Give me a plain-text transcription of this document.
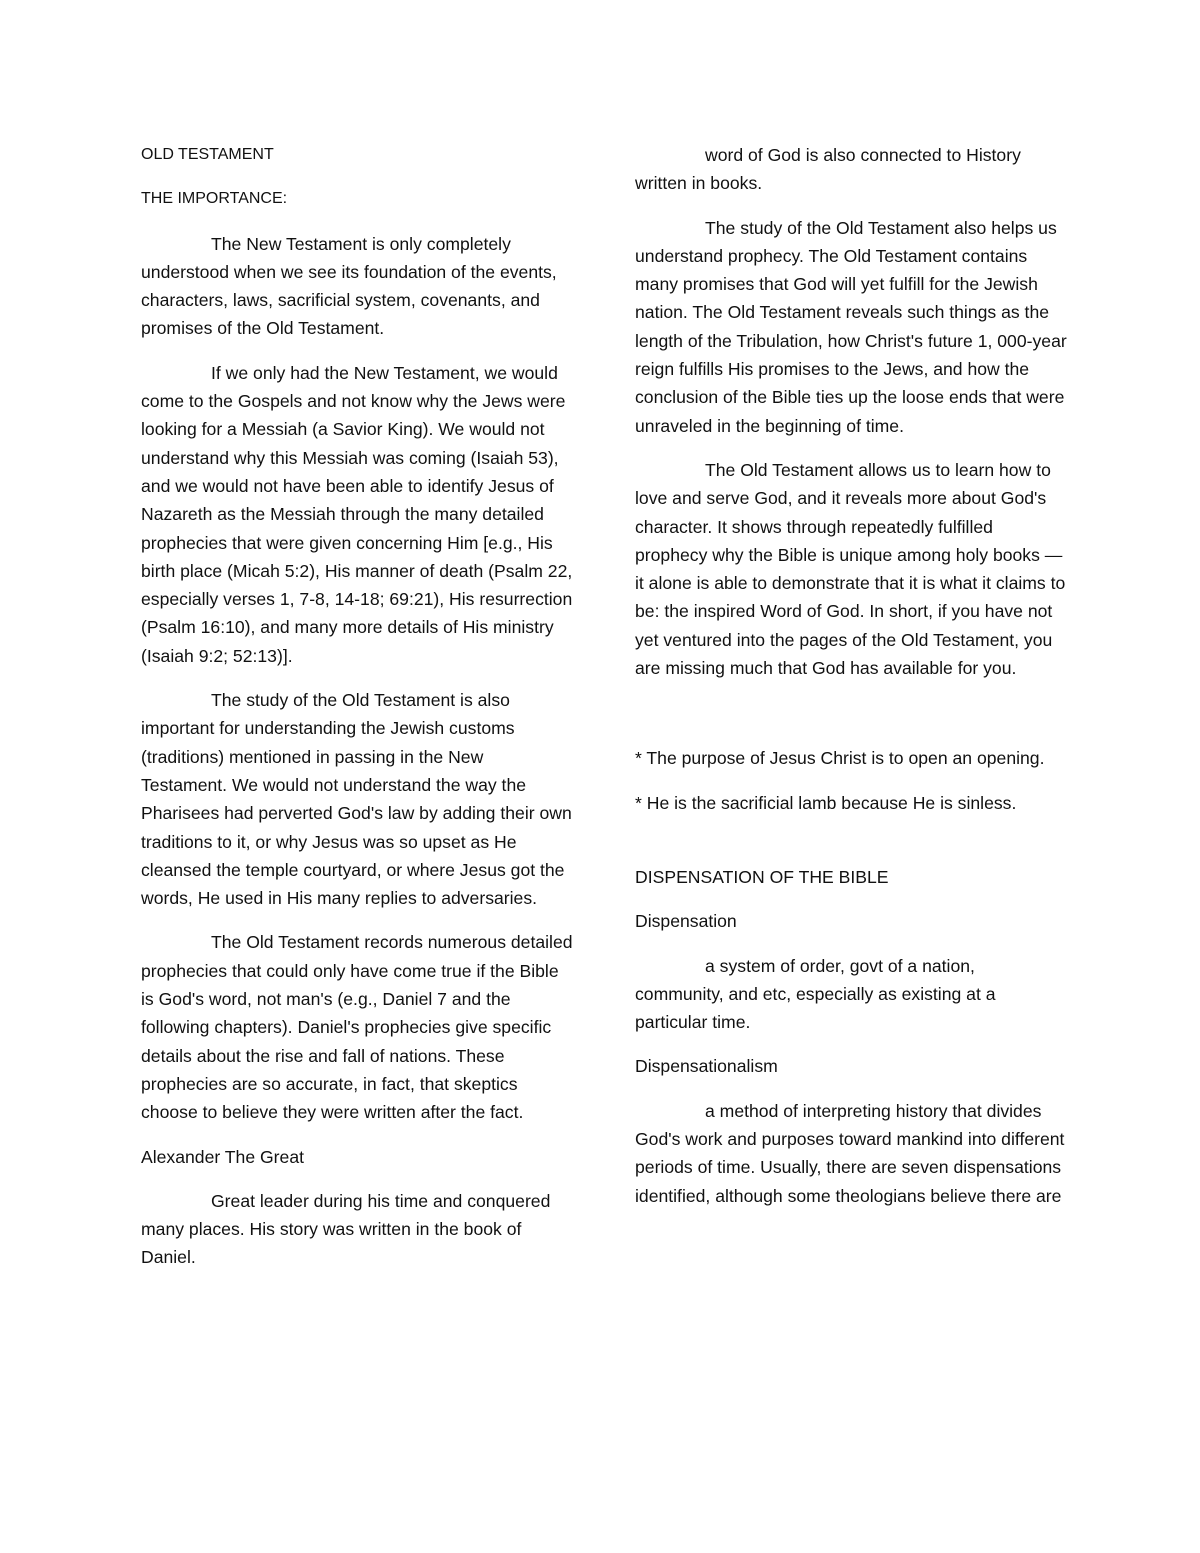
OLD TESTAMENT

THE IMPORTANCE:

The New Testament is only completely understood when we see its foundation of the events, characters, laws, sacrificial system, covenants, and promises of the Old Testament.

If we only had the New Testament, we would come to the Gospels and not know why the Jews were looking for a Messiah (a Savior King). We would not understand why this Messiah was coming (Isaiah 53), and we would not have been able to identify Jesus of Nazareth as the Messiah through the many detailed prophecies that were given concerning Him [e.g., His birth place (Micah 5:2), His manner of death (Psalm 22, especially verses 1, 7-8, 14-18; 69:21), His resurrection (Psalm 16:10), and many more details of His ministry (Isaiah 9:2; 52:13)].

The study of the Old Testament is also important for understanding the Jewish customs (traditions) mentioned in passing in the New Testament. We would not understand the way the Pharisees had perverted God's law by adding their own traditions to it, or why Jesus was so upset as He cleansed the temple courtyard, or where Jesus got the words, He used in His many replies to adversaries.

The Old Testament records numerous detailed prophecies that could only have come true if the Bible is God's word, not man's (e.g., Daniel 7 and the following chapters). Daniel's prophecies give specific details about the rise and fall of nations. These prophecies are so accurate, in fact, that skeptics choose to believe they were written after the fact.

Alexander The Great

Great leader during his time and conquered many places. His story was written in the book of Daniel.

word of God is also connected to History written in books.

The study of the Old Testament also helps us understand prophecy. The Old Testament contains many promises that God will yet fulfill for the Jewish nation. The Old Testament reveals such things as the length of the Tribulation, how Christ's future 1, 000-year reign fulfills His promises to the Jews, and how the conclusion of the Bible ties up the loose ends that were unraveled in the beginning of time.

The Old Testament allows us to learn how to love and serve God, and it reveals more about God's character. It shows through repeatedly fulfilled prophecy why the Bible is unique among holy books —it alone is able to demonstrate that it is what it claims to be: the inspired Word of God. In short, if you have not yet ventured into the pages of the Old Testament, you are missing much that God has available for you.

* The purpose of Jesus Christ is to open an opening.

* He is the sacrificial lamb because He is sinless.

DISPENSATION OF THE BIBLE

Dispensation

a system of order, govt of a nation, community, and etc, especially as existing at a particular time.

Dispensationalism

a method of interpreting history that divides God's work and purposes toward mankind into different periods of time. Usually, there are seven dispensations identified, although some theologians believe there are
